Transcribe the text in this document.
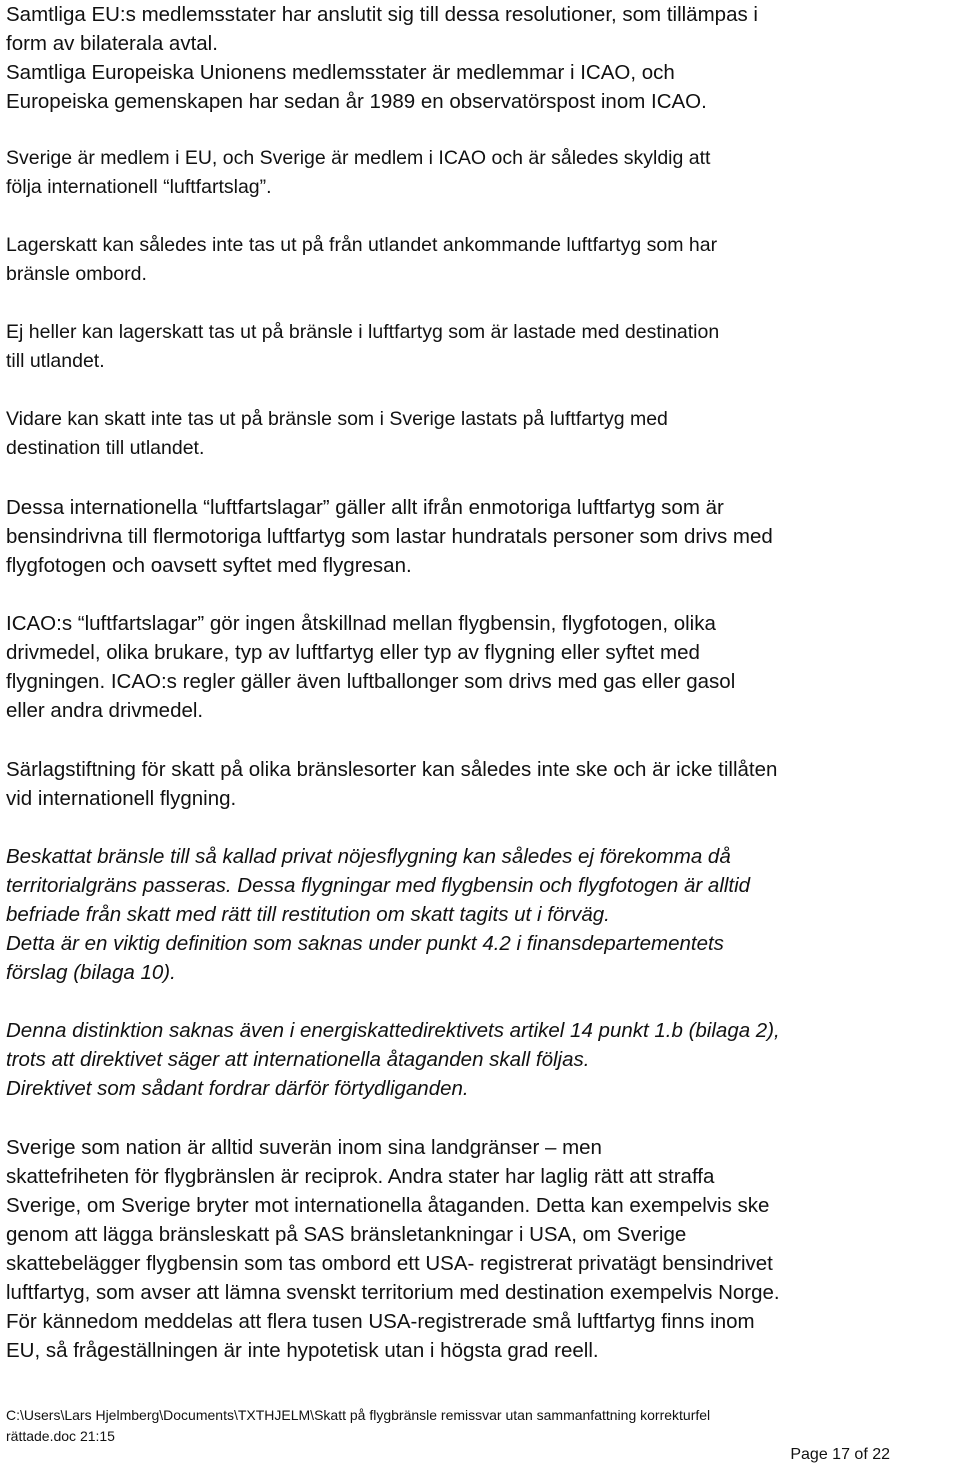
Samtliga EU:s medlemsstater har anslutit sig till dessa resolutioner, som tillämpas i
form av bilaterala avtal.

Samtliga Europeiska Unionens medlemsstater är medlemmar i ICAO, och
Europeiska gemenskapen har sedan år 1989 en observatörspost inom ICAO.

Sverige är medlem i EU, och Sverige är medlem i ICAO och är således skyldig att
följa internationell “luftfartslag”.

Lagerskatt kan således inte tas ut på från utlandet ankommande luftfartyg som har
bränsle ombord.

Ej heller kan lagerskatt tas ut på bränsle i luftfartyg som är lastade med destination
till utlandet.

Vidare kan skatt inte tas ut på bränsle som i Sverige lastats på luftfartyg med
destination till utlandet.

Dessa internationella “luftfartslagar” gäller allt ifrån enmotoriga luftfartyg som är
bensindrivna till flermotoriga luftfartyg som lastar hundratals personer som drivs med
flygfotogen och oavsett syftet med flygresan.

ICAO:s “luftfartslagar” gör ingen åtskillnad mellan flygbensin, flygfotogen, olika
drivmedel, olika brukare, typ av luftfartyg eller typ av flygning eller syftet med
flygningen. ICAO:s regler gäller även luftballonger som drivs med gas eller gasol
eller andra drivmedel.

Särlagstiftning för skatt på olika bränslesorter kan således inte ske och är icke tillåten
vid internationell flygning.

Beskattat bränsle till så kallad privat nöjesflygning kan således ej förekomma då
territorialgräns passeras. Dessa flygningar med flygbensin och flygfotogen är alltid
befriade från skatt med rätt till restitution om skatt tagits ut i förväg.
Detta är en viktig definition som saknas under punkt 4.2 i finansdepartementets
förslag (bilaga 10).

Denna distinktion saknas även i energiskattedirektivets artikel 14 punkt 1.b (bilaga 2),
trots att direktivet säger att internationella åtaganden skall följas.
Direktivet som sådant fordrar därför förtydliganden.

Sverige som nation är alltid suverän inom sina landgränser – men
skattefriheten för flygbränslen är reciprok. Andra stater har laglig rätt att straffa
Sverige, om Sverige bryter mot internationella åtaganden. Detta kan exempelvis ske
genom att lägga bränsleskatt på SAS bränsletankningar i USA, om Sverige
skattebelägger flygbensin som tas ombord ett USA- registrerat privatägt bensindrivet
luftfartyg, som avser att lämna svenskt territorium med destination exempelvis Norge.
För kännedom meddelas att flera tusen USA-registrerade små luftfartyg finns inom
EU, så frågeställningen är inte hypotetisk utan i högsta grad reell.

C:\Users\Lars Hjelmberg\Documents\TXTHJELM\Skatt på flygbränsle remissvar utan sammanfattning korrekturfel
rättade.doc 21:15
Page 17 of 22
